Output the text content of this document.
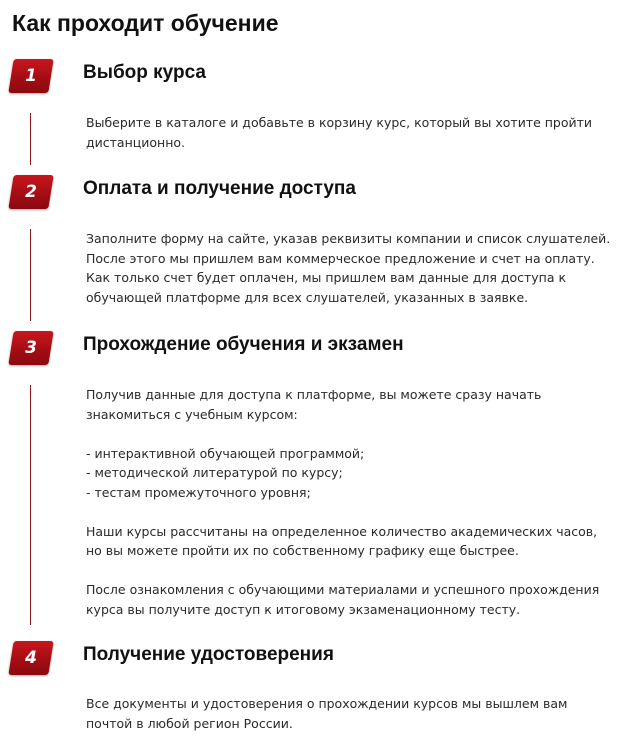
Как проходит обучение
1	Выбор курса

Выберите в каталоге и добавьте в корзину курс, который вы хотите пройти дистанционно.

2	Оплата и получение доступа

Заполните форму на сайте, указав реквизиты компании и список слушателей. После этого мы пришлем вам коммерческое предложение и счет на оплату. Как только счет будет оплачен, мы пришлем вам данные для доступа к обучающей платформе для всех слушателей, указанных в заявке.

3	Прохождение обучения и экзамен

Получив данные для доступа к платформе, вы можете сразу начать знакомиться с учебным курсом:

- интерактивной обучающей программой;

- методической литературой по курсу;

- тестам промежуточного уровня;

Наши курсы рассчитаны на определенное количество академических часов, но вы можете пройти их по собственному графику еще быстрее.

После ознакомления с обучающими материалами и успешного прохождения курса вы получите доступ к итоговому экзаменационному тесту.

4	Получение удостоверения

Все документы и удостоверения о прохождении курсов мы вышлем вам почтой в любой регион России.
